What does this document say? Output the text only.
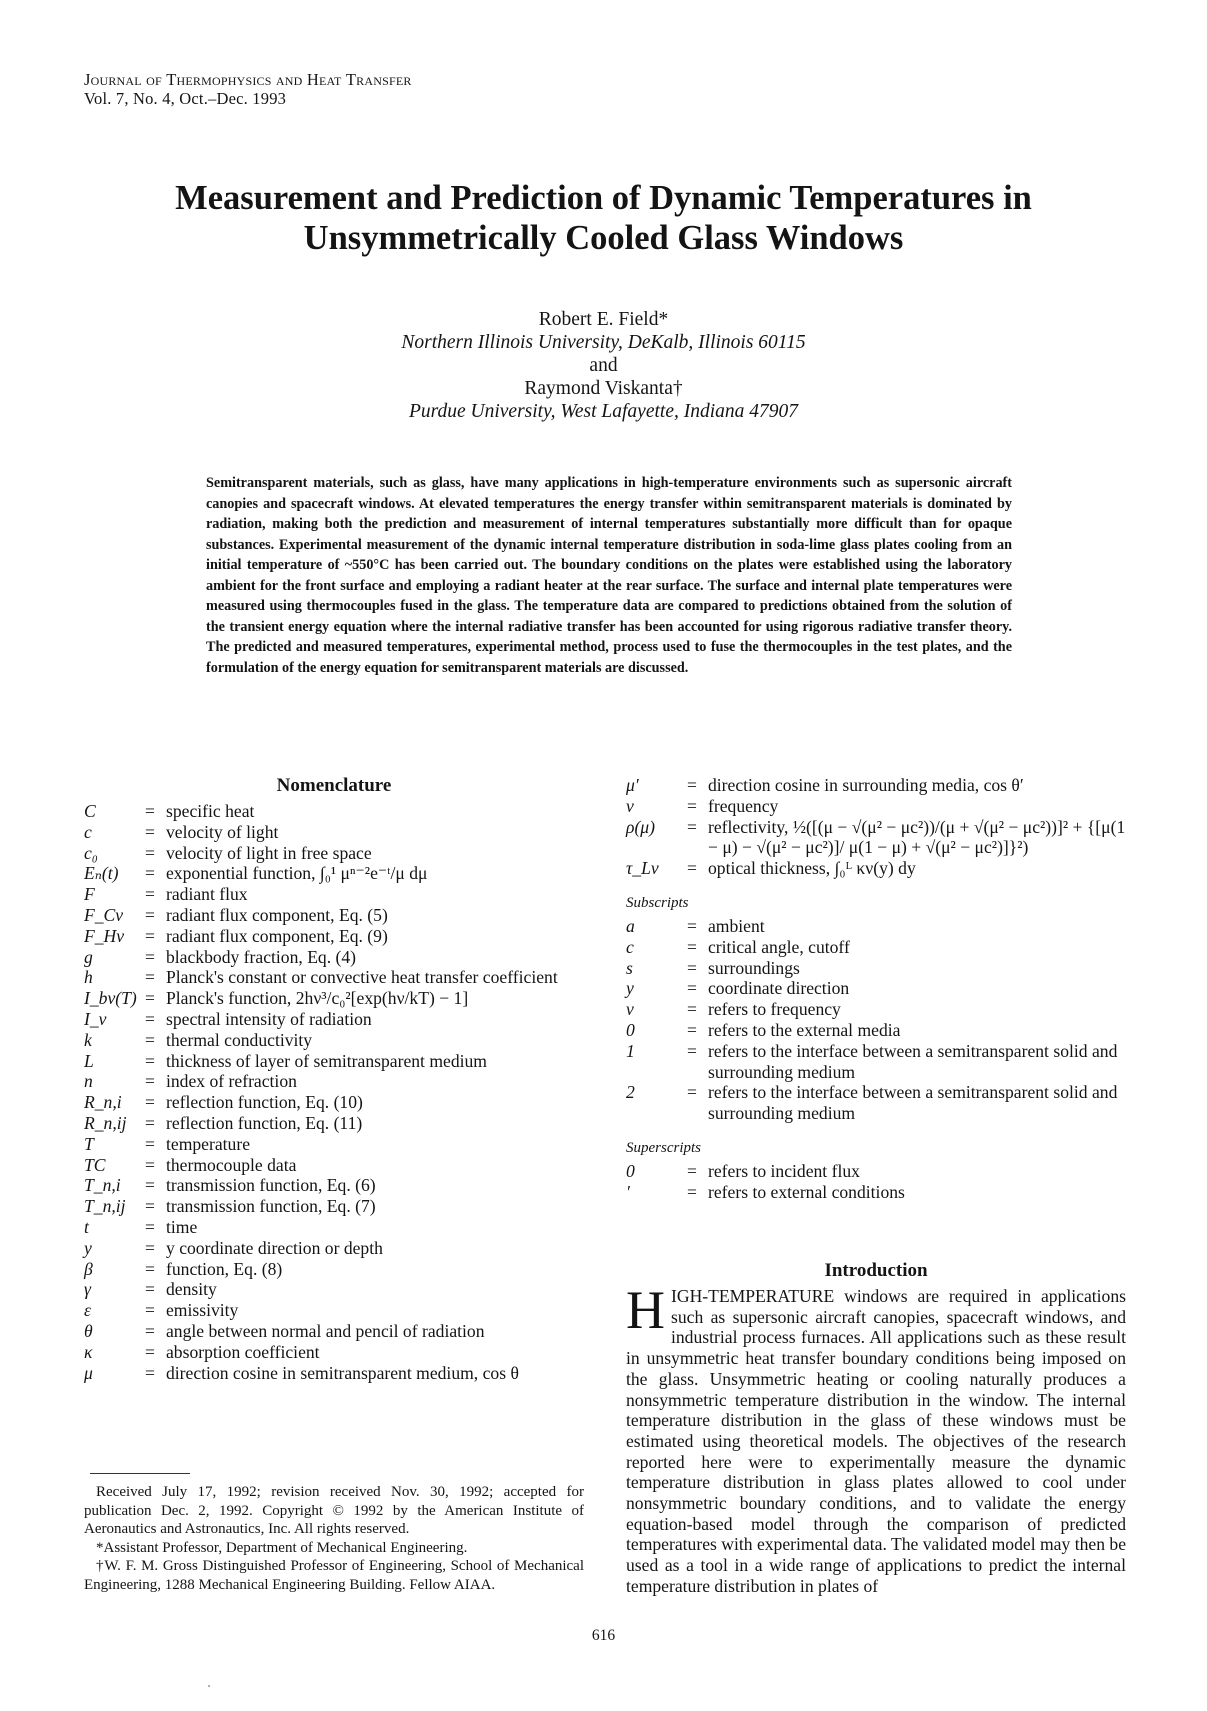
Journal of Thermophysics and Heat Transfer
Vol. 7, No. 4, Oct.–Dec. 1993
Measurement and Prediction of Dynamic Temperatures in
Unsymmetrically Cooled Glass Windows
Robert E. Field*
Northern Illinois University, DeKalb, Illinois 60115
and
Raymond Viskanta†
Purdue University, West Lafayette, Indiana 47907
Semitransparent materials, such as glass, have many applications in high-temperature environments such as supersonic aircraft canopies and spacecraft windows. At elevated temperatures the energy transfer within semitransparent materials is dominated by radiation, making both the prediction and measurement of internal temperatures substantially more difficult than for opaque substances. Experimental measurement of the dynamic internal temperature distribution in soda-lime glass plates cooling from an initial temperature of ~550°C has been carried out. The boundary conditions on the plates were established using the laboratory ambient for the front surface and employing a radiant heater at the rear surface. The surface and internal plate temperatures were measured using thermocouples fused in the glass. The temperature data are compared to predictions obtained from the solution of the transient energy equation where the internal radiative transfer has been accounted for using rigorous radiative transfer theory. The predicted and measured temperatures, experimental method, process used to fuse the thermocouples in the test plates, and the formulation of the energy equation for semitransparent materials are discussed.
Nomenclature
C	= specific heat
c	= velocity of light
c₀	= velocity of light in free space
Eₙ(t)	= exponential function, ∫₀¹ μⁿ⁻²e⁻ᵗ/μ dμ
F	= radiant flux
F_Cν	= radiant flux component, Eq. (5)
F_Hν	= radiant flux component, Eq. (9)
g	= blackbody fraction, Eq. (4)
h	= Planck's constant or convective heat transfer coefficient
I_bν(T) = Planck's function, 2hν³/c₀²[exp(hν/kT) − 1]
I_ν	= spectral intensity of radiation
k	= thermal conductivity
L	= thickness of layer of semitransparent medium
n	= index of refraction
R_n,i	= reflection function, Eq. (10)
R_n,ij	= reflection function, Eq. (11)
T	= temperature
TC	= thermocouple data
T_n,i	= transmission function, Eq. (6)
T_n,ij	= transmission function, Eq. (7)
t	= time
y	= y coordinate direction or depth
β	= function, Eq. (8)
γ	= density
ε	= emissivity
θ	= angle between normal and pencil of radiation
κ	= absorption coefficient
μ	= direction cosine in semitransparent medium, cos θ
μ′	= direction cosine in surrounding media, cos θ′
ν	= frequency
ρ(μ)	= reflectivity, ½([(μ − √(μ² − μc²))/(μ + √(μ² − μc²))]² + {[μ(1 − μ) − √(μ² − μc²)]/ μ(1 − μ) + √(μ² − μc²)]}²)
τ_Lν	= optical thickness, ∫₀ᴸ κν(y) dy
Subscripts
a	= ambient
c	= critical angle, cutoff
s	= surroundings
y	= coordinate direction
ν	= refers to frequency
0	= refers to the external media
1	= refers to the interface between a semitransparent solid and surrounding medium
2	= refers to the interface between a semitransparent solid and surrounding medium
Superscripts
0	= refers to incident flux
′	= refers to external conditions
Introduction
HIGH-TEMPERATURE windows are required in applications such as supersonic aircraft canopies, spacecraft windows, and industrial process furnaces. All applications such as these result in unsymmetric heat transfer boundary conditions being imposed on the glass. Unsymmetric heating or cooling naturally produces a nonsymmetric temperature distribution in the window. The internal temperature distribution in the glass of these windows must be estimated using theoretical models. The objectives of the research reported here were to experimentally measure the dynamic temperature distribution in glass plates allowed to cool under nonsymmetric boundary conditions, and to validate the energy equation-based model through the comparison of predicted temperatures with experimental data. The validated model may then be used as a tool in a wide range of applications to predict the internal temperature distribution in plates of

Received July 17, 1992; revision received Nov. 30, 1992; accepted for publication Dec. 2, 1992. Copyright © 1992 by the American Institute of Aeronautics and Astronautics, Inc. All rights reserved.

*Assistant Professor, Department of Mechanical Engineering.

†W. F. M. Gross Distinguished Professor of Engineering, School of Mechanical Engineering, 1288 Mechanical Engineering Building. Fellow AIAA.

616
